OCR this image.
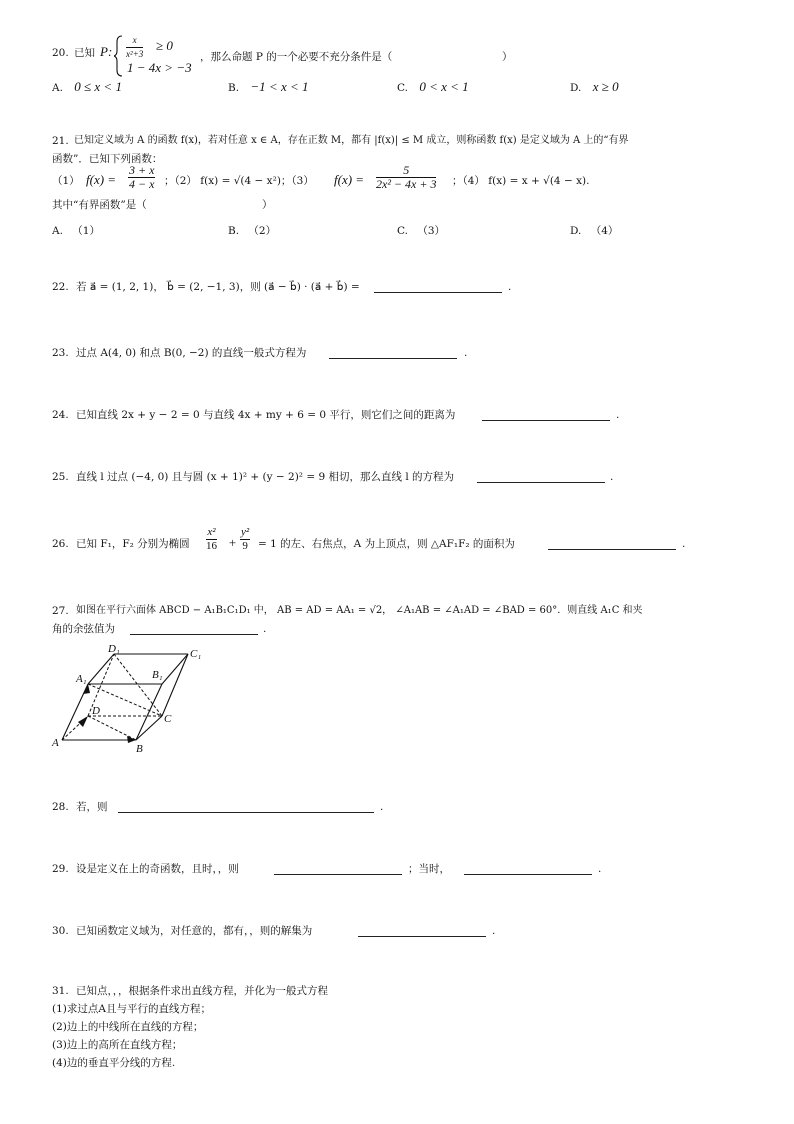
20. 已知 P: $\frac{x}{\text{x²+3}} \ge 0$
1 − 4x > −3
，那么命题 P 的一个必要不充分条件是（	）
A. 0 ≤ x < 1	B. −1 < x < 1	C. 0 < x < 1	D. x ≥ 0
21. 已知定义域为 A 的函数 f(x)，若对任意 x ∈ A，存在正数 M，都有 |f(x)| ≤ M 成立，则称函数 f(x) 是定义域为 A 上的“有界
函数”．已知下列函数：
（1） $f(x) = \frac{3 + x}{4 - x}$ ；（2） f(x) = √(4 − x²)；（3） $f(x) = \frac{5}{\text{2x² − 4x + 3}}$ ；（4） f(x) = x + √(4 − x).
其中“有界函数”是（	）
A. （1）	B. （2）	C. （3）	D. （4）
22. 若 a⃗ = (1, 2, 1)， b⃗ = (2, −1, 3)，则 (a⃗ − b⃗) · (a⃗ + b⃗) =	.
23. 过点 A(4, 0) 和点 B(0, −2) 的直线一般式方程为	.
24. 已知直线 2x + y − 2 = 0 与直线 4x + my + 6 = 0 平行，则它们之间的距离为	.
25. 直线 l 过点 (−4, 0) 且与圆 (x + 1)² + (y − 2)² = 9 相切，那么直线 l 的方程为	.
26. 已知 F₁，F₂ 分别为椭圆 $\frac{\text{x²}}{16} + \frac{\text{y²}}{9} = 1$ 的左、右焦点，A 为上顶点，则 △AF₁F₂ 的面积为	.
27. 如图在平行六面体 ABCD − A₁B₁C₁D₁ 中， AB = AD = AA₁ = √2， ∠A₁AB = ∠A₁AD = ∠BAD = 60°．则直线 A₁C 和夹
角的余弦值为	.
D₁	C₁
A₁	B₁
D
C
A	B
28. 若，则	.
29. 设是定义在上的奇函数，且时，，则	；当时，	.
30. 已知函数定义域为，对任意的，都有，，则的解集为	.
31. 已知点，，，根据条件求出直线方程，并化为一般式方程
(1)求过点A且与平行的直线方程；
(2)边上的中线所在直线的方程；
(3)边上的高所在直线方程；
(4)边的垂直平分线的方程.
